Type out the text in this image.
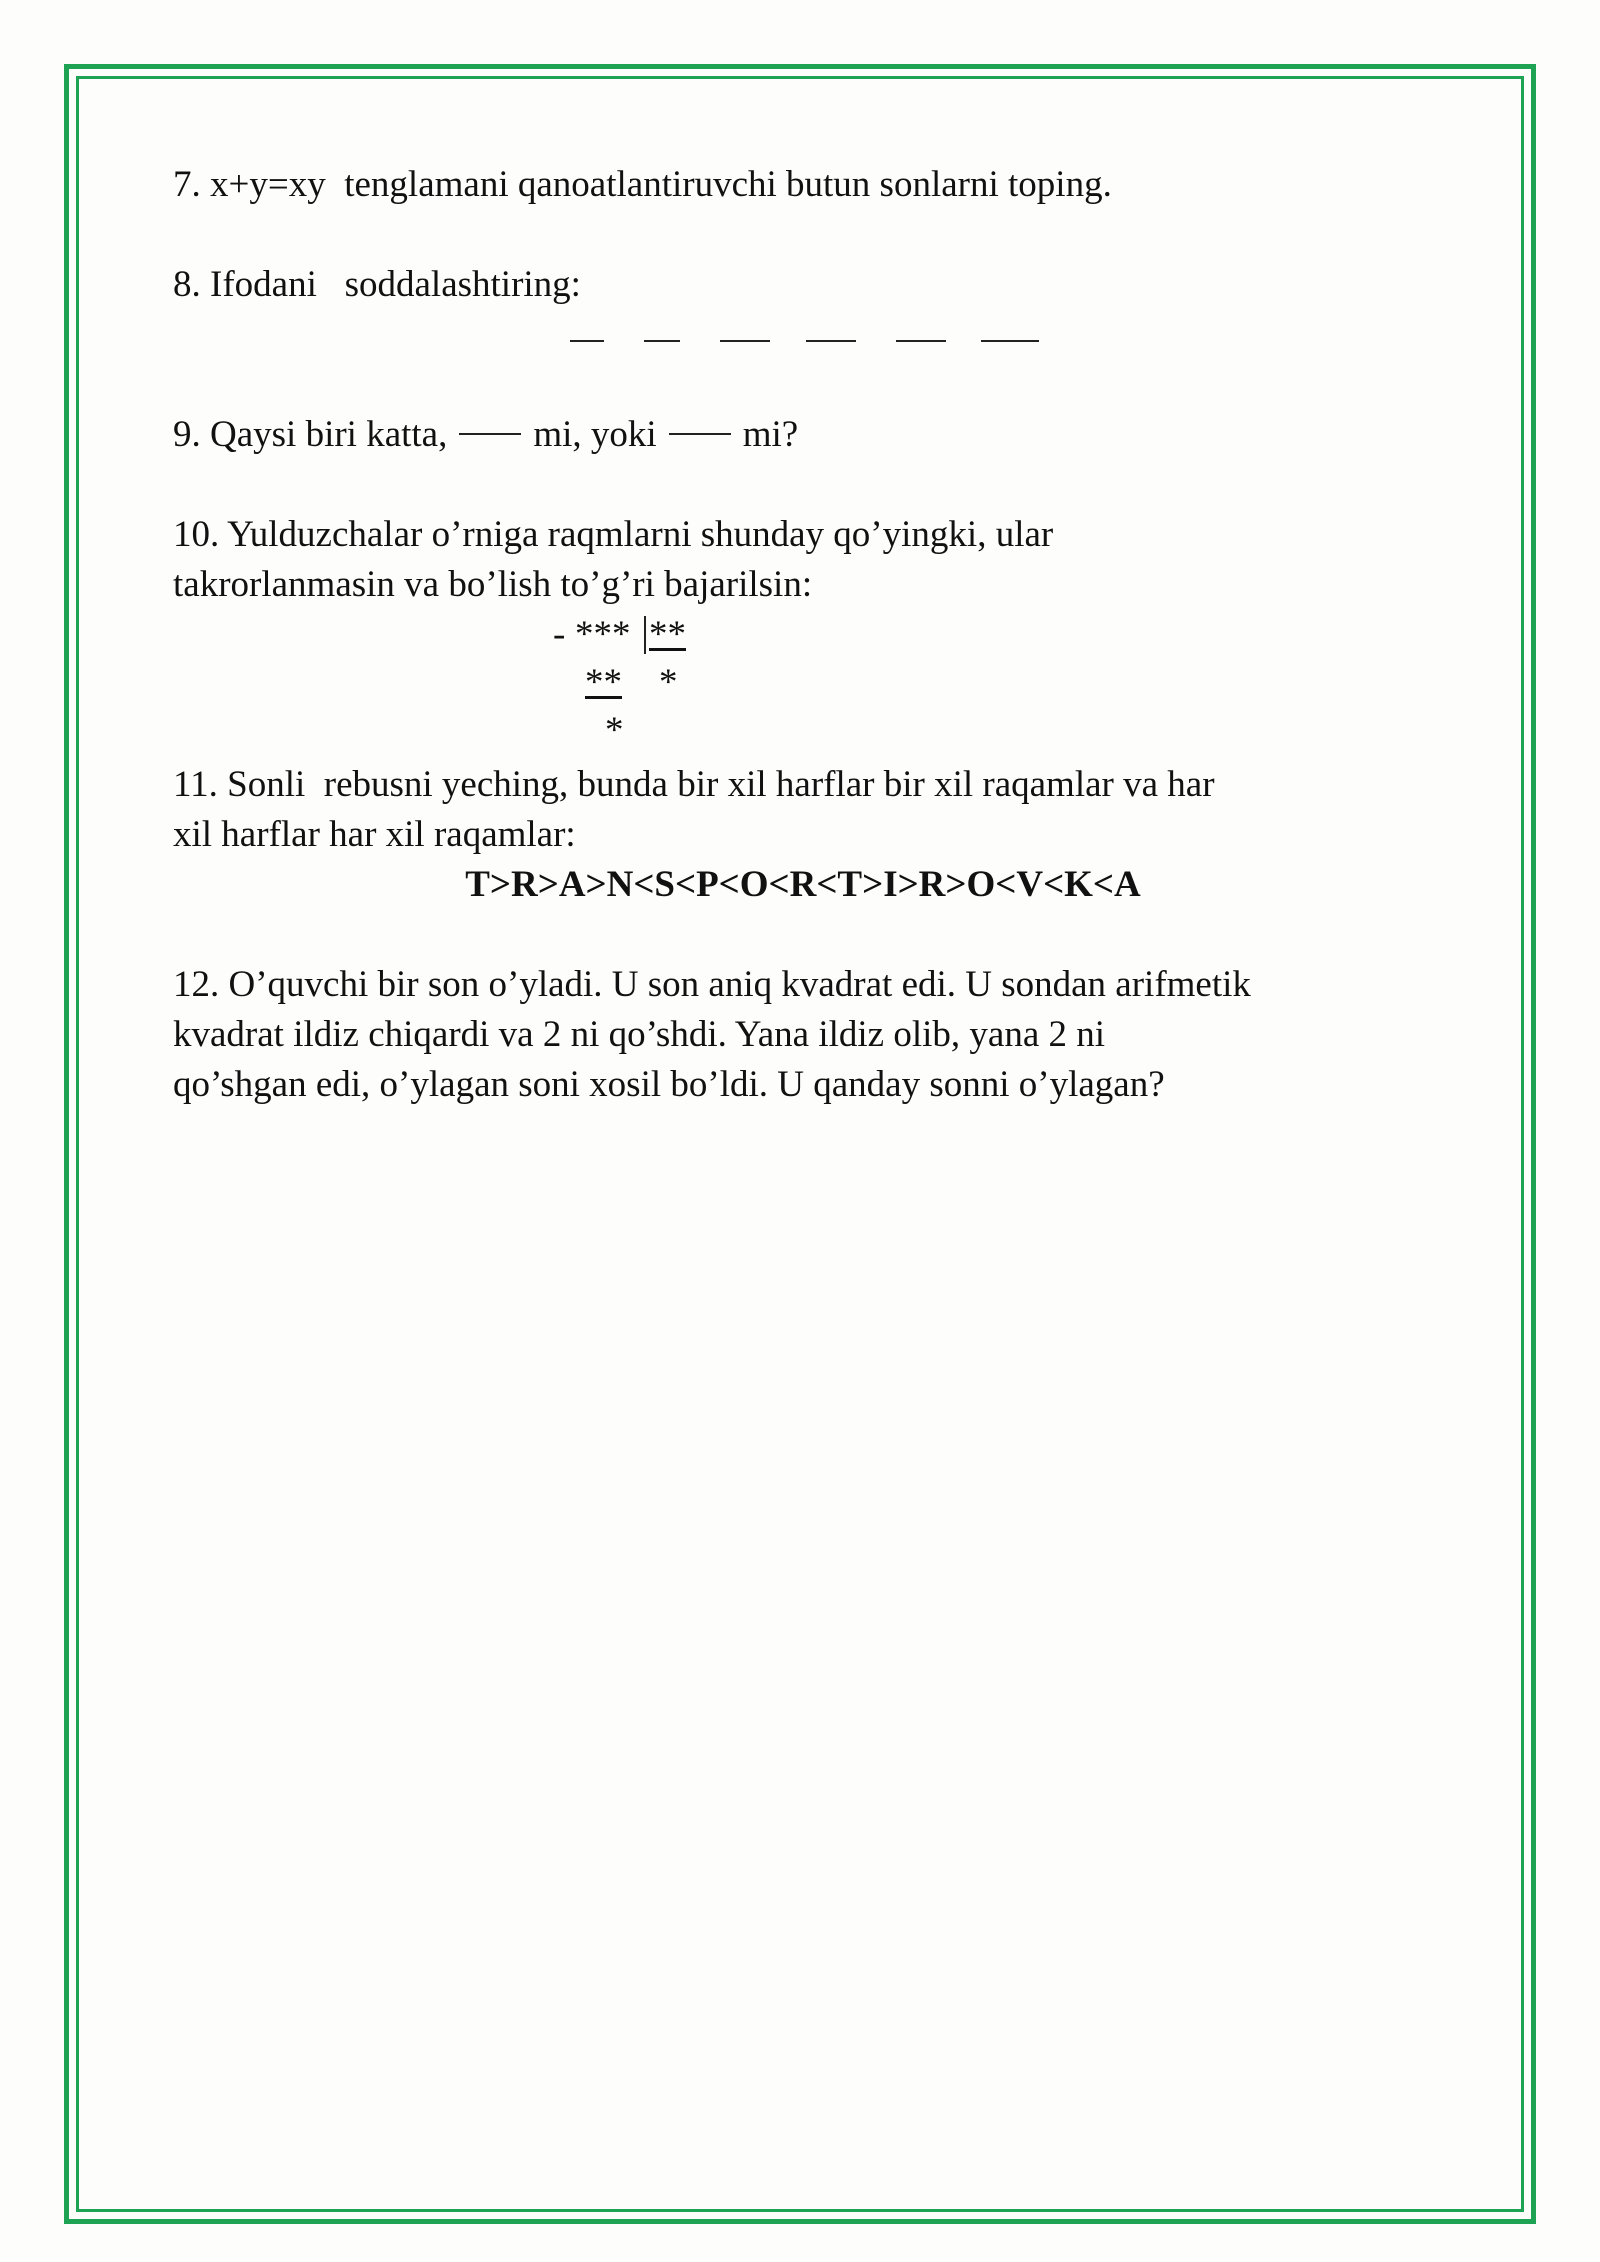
7. x+y=xy  tenglamani qanoatlantiruvchi butun sonlarni toping.

8. Ifodani   soddalashtiring:

9. Qaysi biri katta, mi, yoki mi?

10. Yulduzchalar o’rniga raqmlarni shunday qo’yingki, ular

takrorlanmasin va bo’lish to’g’ri bajarilsin:

- *** **
** *
*

11. Sonli  rebusni yeching, bunda bir xil harflar bir xil raqamlar va har

xil harflar har xil raqamlar:

T>R>A>N<S<P<O<R<T>I>R>O<V<K<A

12. O’quvchi bir son o’yladi. U son aniq kvadrat edi. U sondan arifmetik

kvadrat ildiz chiqardi va 2 ni qo’shdi. Yana ildiz olib, yana 2 ni

qo’shgan edi, o’ylagan soni xosil bo’ldi. U qanday sonni o’ylagan?
